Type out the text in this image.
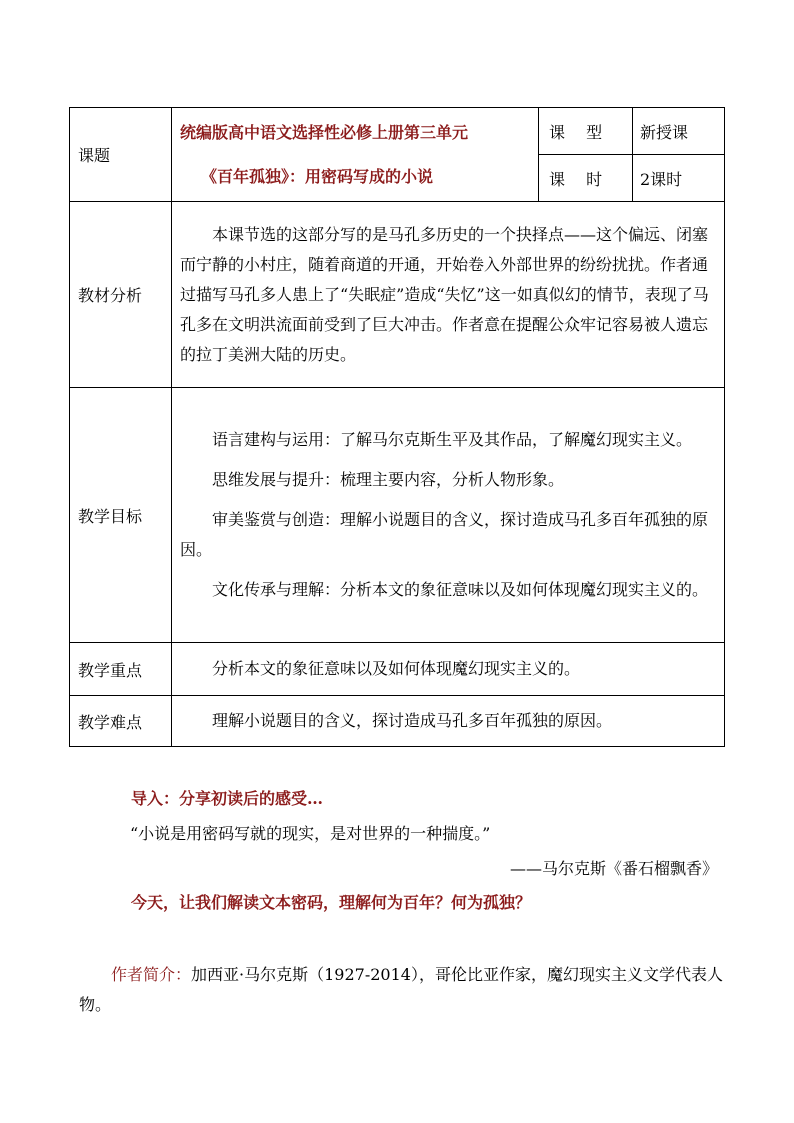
课题	统编版高中语文选择性必修上册第三单元
《百年孤独》：用密码写成的小说	课 型	新授课
		课 时	2课时
教材分析	本课节选的这部分写的是马孔多历史的一个抉择点——这个偏远、闭塞而宁静的小村庄，随着商道的开通，开始卷入外部世界的纷纷扰扰。作者通过描写马孔多人患上了“失眠症”造成“失忆”这一如真似幻的情节，表现了马孔多在文明洪流面前受到了巨大冲击。作者意在提醒公众牢记容易被人遗忘的拉丁美洲大陆的历史。		

教学目标	语言建构与运用：了解马尔克斯生平及其作品，了解魔幻现实主义。

思维发展与提升：梳理主要内容，分析人物形象。

审美鉴赏与创造：理解小说题目的含义，探讨造成马孔多百年孤独的原因。

文化传承与理解：分析本文的象征意味以及如何体现魔幻现实主义的。		

教学重点	分析本文的象征意味以及如何体现魔幻现实主义的。		

教学难点	理解小说题目的含义，探讨造成马孔多百年孤独的原因。		
导入：分享初读后的感受…
“小说是用密码写就的现实，是对世界的一种揣度。”
——马尔克斯《番石榴飘香》
今天，让我们解读文本密码，理解何为百年？何为孤独？
作者简介：加西亚·马尔克斯（1927-2014），哥伦比亚作家，魔幻现实主义文学代表人物。
